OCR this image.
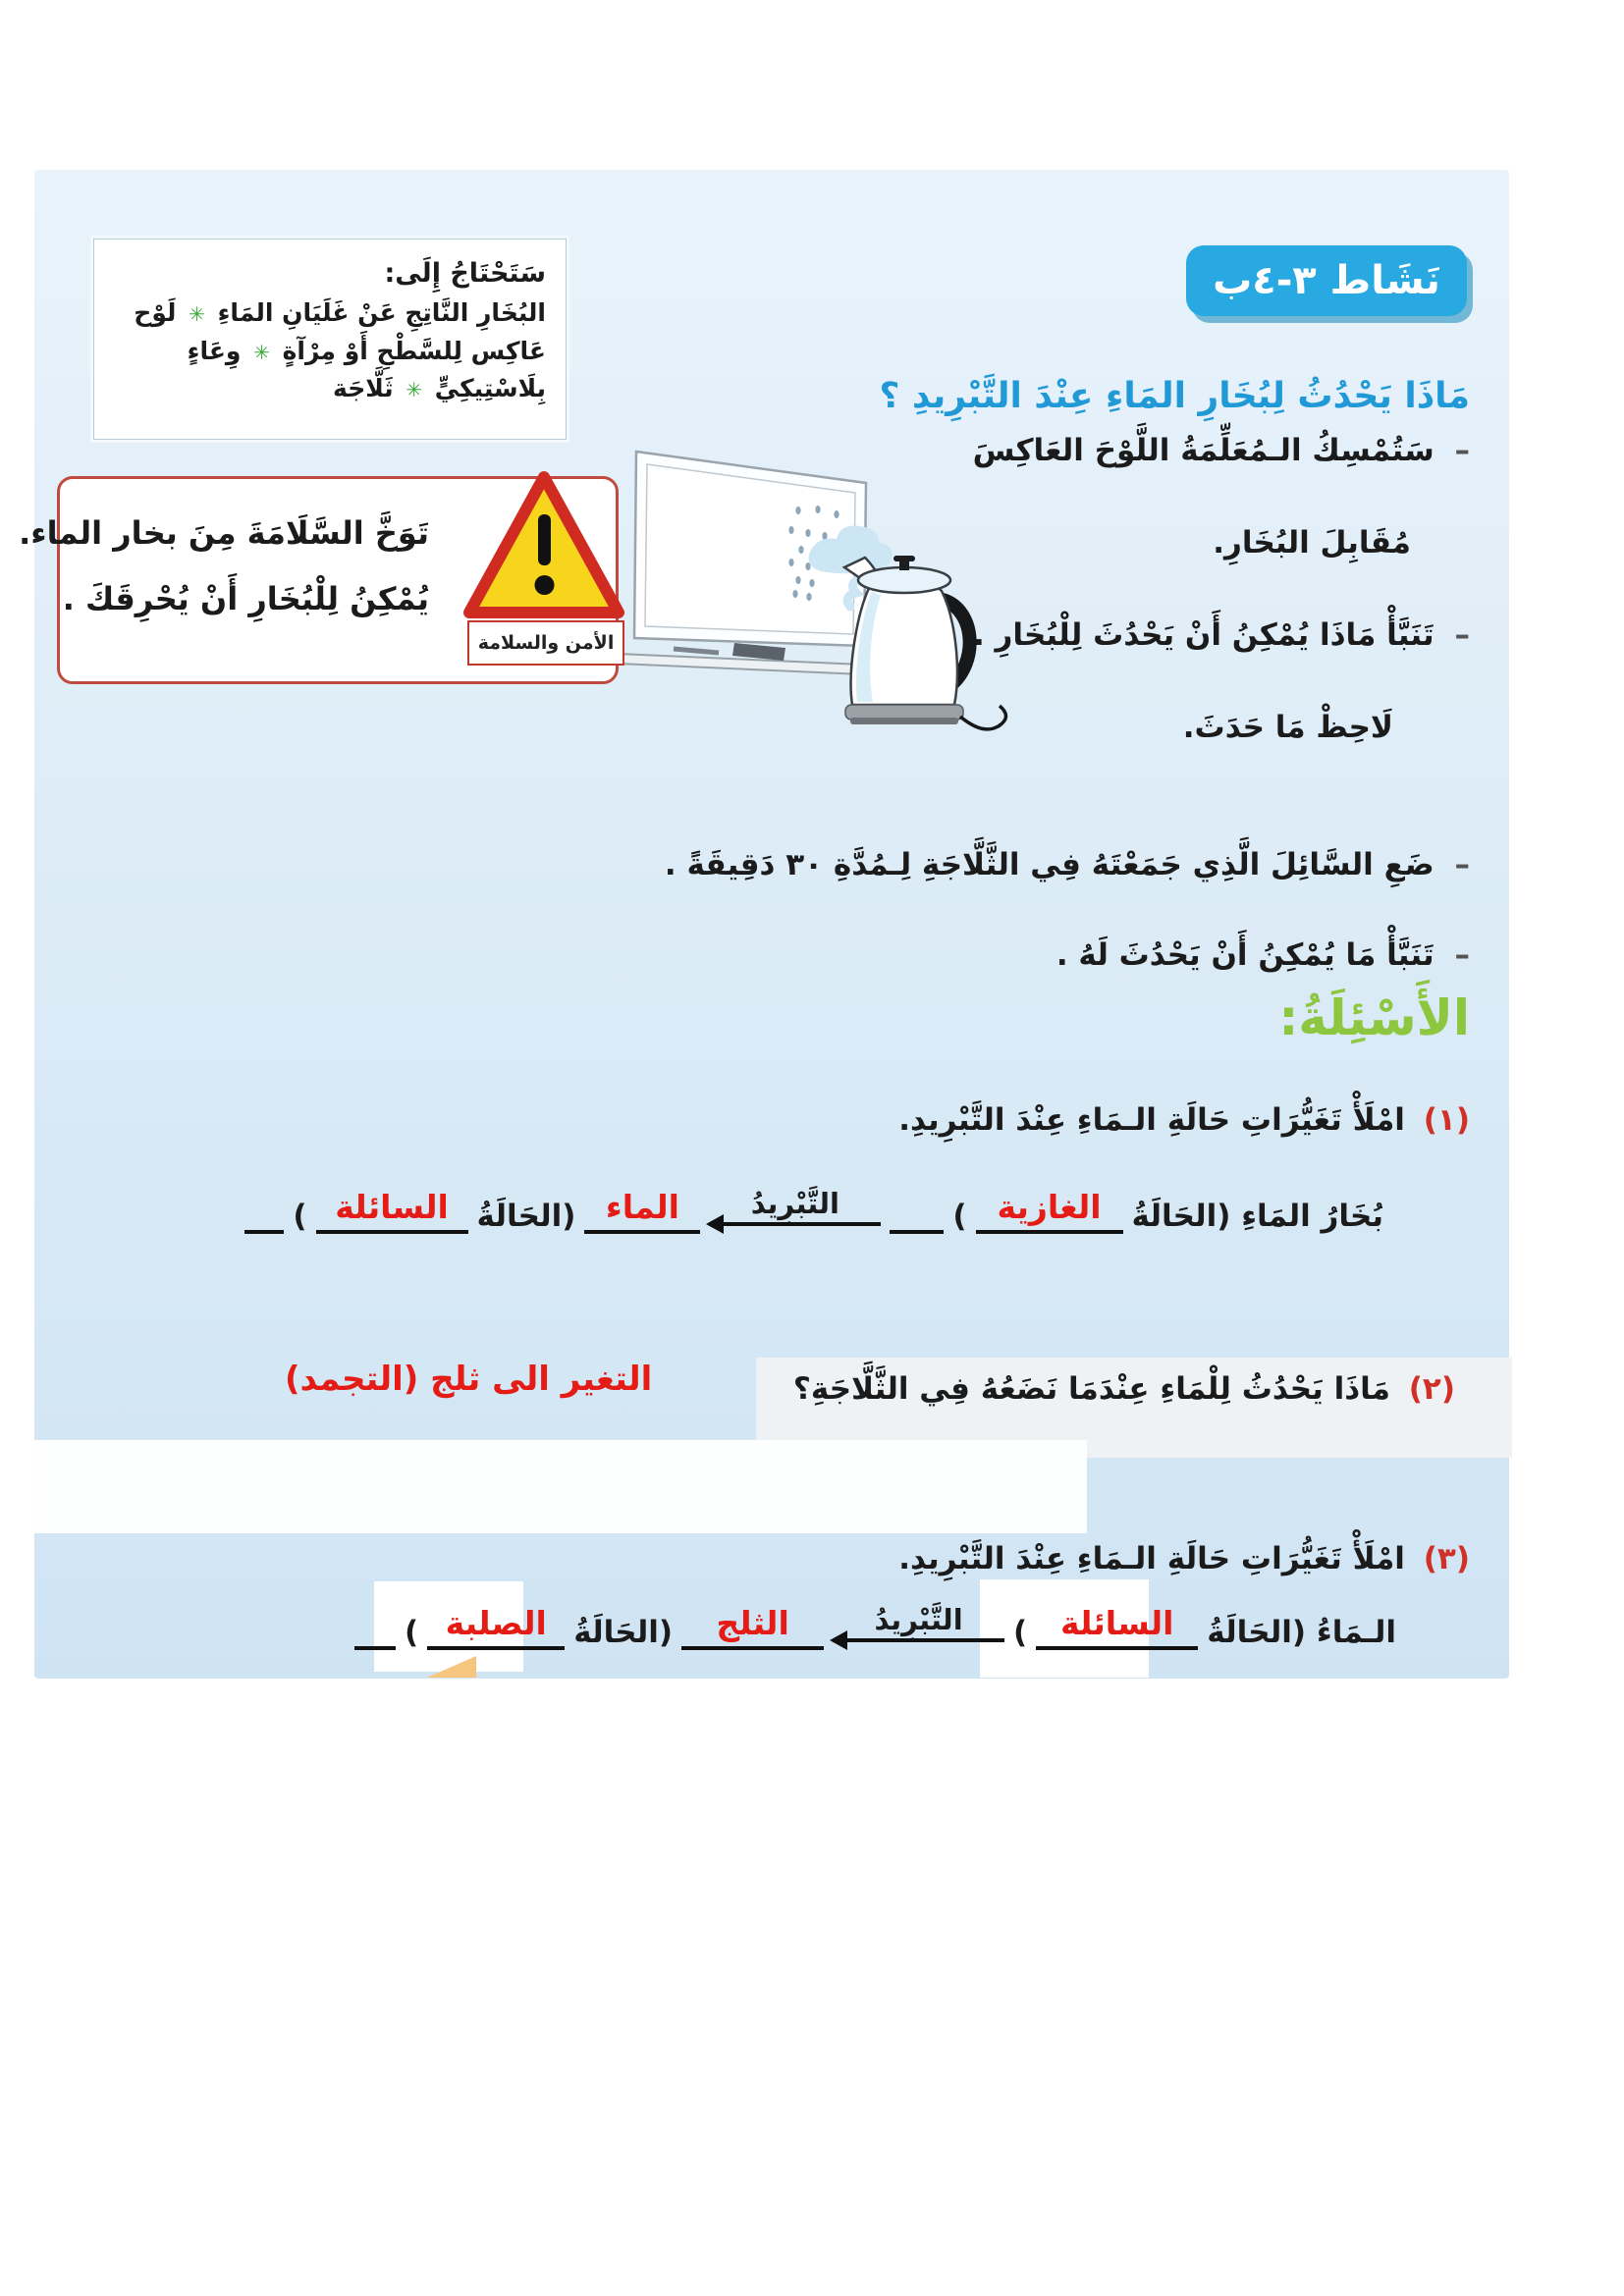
سَتَحْتَاجُ إِلَى:
البُخَارِ النَّاتِجِ عَنْ غَلَيَانِ المَاءِ ✳ لَوْح عَاكِس لِلسَّطْحِ أَوْ مِرْآةٍ ✳ وِعَاءٍ بِلَاسْتِيكِيٍّ ✳ ثَلَّاجَة
نَشَاط ٣-٤ب
مَاذَا يَحْدُثُ لِبُخَارِ المَاءِ عِنْدَ التَّبْرِيدِ ؟
– سَتُمْسِكُ الـمُعَلِّمَةُ اللَّوْحَ العَاكِسَ
مُقَابِلَ البُخَارِ.
– تَنَبَّأْ مَاذَا يُمْكِنُ أَنْ يَحْدُثَ لِلْبُخَارِ .
لَاحِظْ مَا حَدَثَ.
– ضَعِ السَّائِلَ الَّذِي جَمَعْتَهُ فِي الثَّلَّاجَةِ لِـمُدَّةِ ٣٠ دَقِيقَةً .
– تَنَبَّأْ مَا يُمْكِنُ أَنْ يَحْدُثَ لَهُ .
تَوَخَّ السَّلَامَةَ مِنَ بخار الماء.
يُمْكِنُ لِلْبُخَارِ أَنْ يُحْرِقَكَ .
الأمن والسلامة
الأَسْئِلَةُ:
(١) امْلَأْ تَغَيُّرَاتِ حَالَةِ الـمَاءِ عِنْدَ التَّبْرِيدِ.
بُخَارُ المَاءِ (الحَالَةُ
الغازية
)
التَّبْرِيدُ
الماء
(الحَالَةُ
السائلة
)
(٢) مَاذَا يَحْدُثُ لِلْمَاءِ عِنْدَمَا نَضَعُهُ فِي الثَّلَّاجَةِ؟
التغير الى ثلج (التجمد)
(٣) امْلَأْ تَغَيُّرَاتِ حَالَةِ الـمَاءِ عِنْدَ التَّبْرِيدِ.
الـمَاءُ (الحَالَةُ
السائلة
)
التَّبْرِيدُ
الثلج
(الحَالَةُ
الصلبة
)
